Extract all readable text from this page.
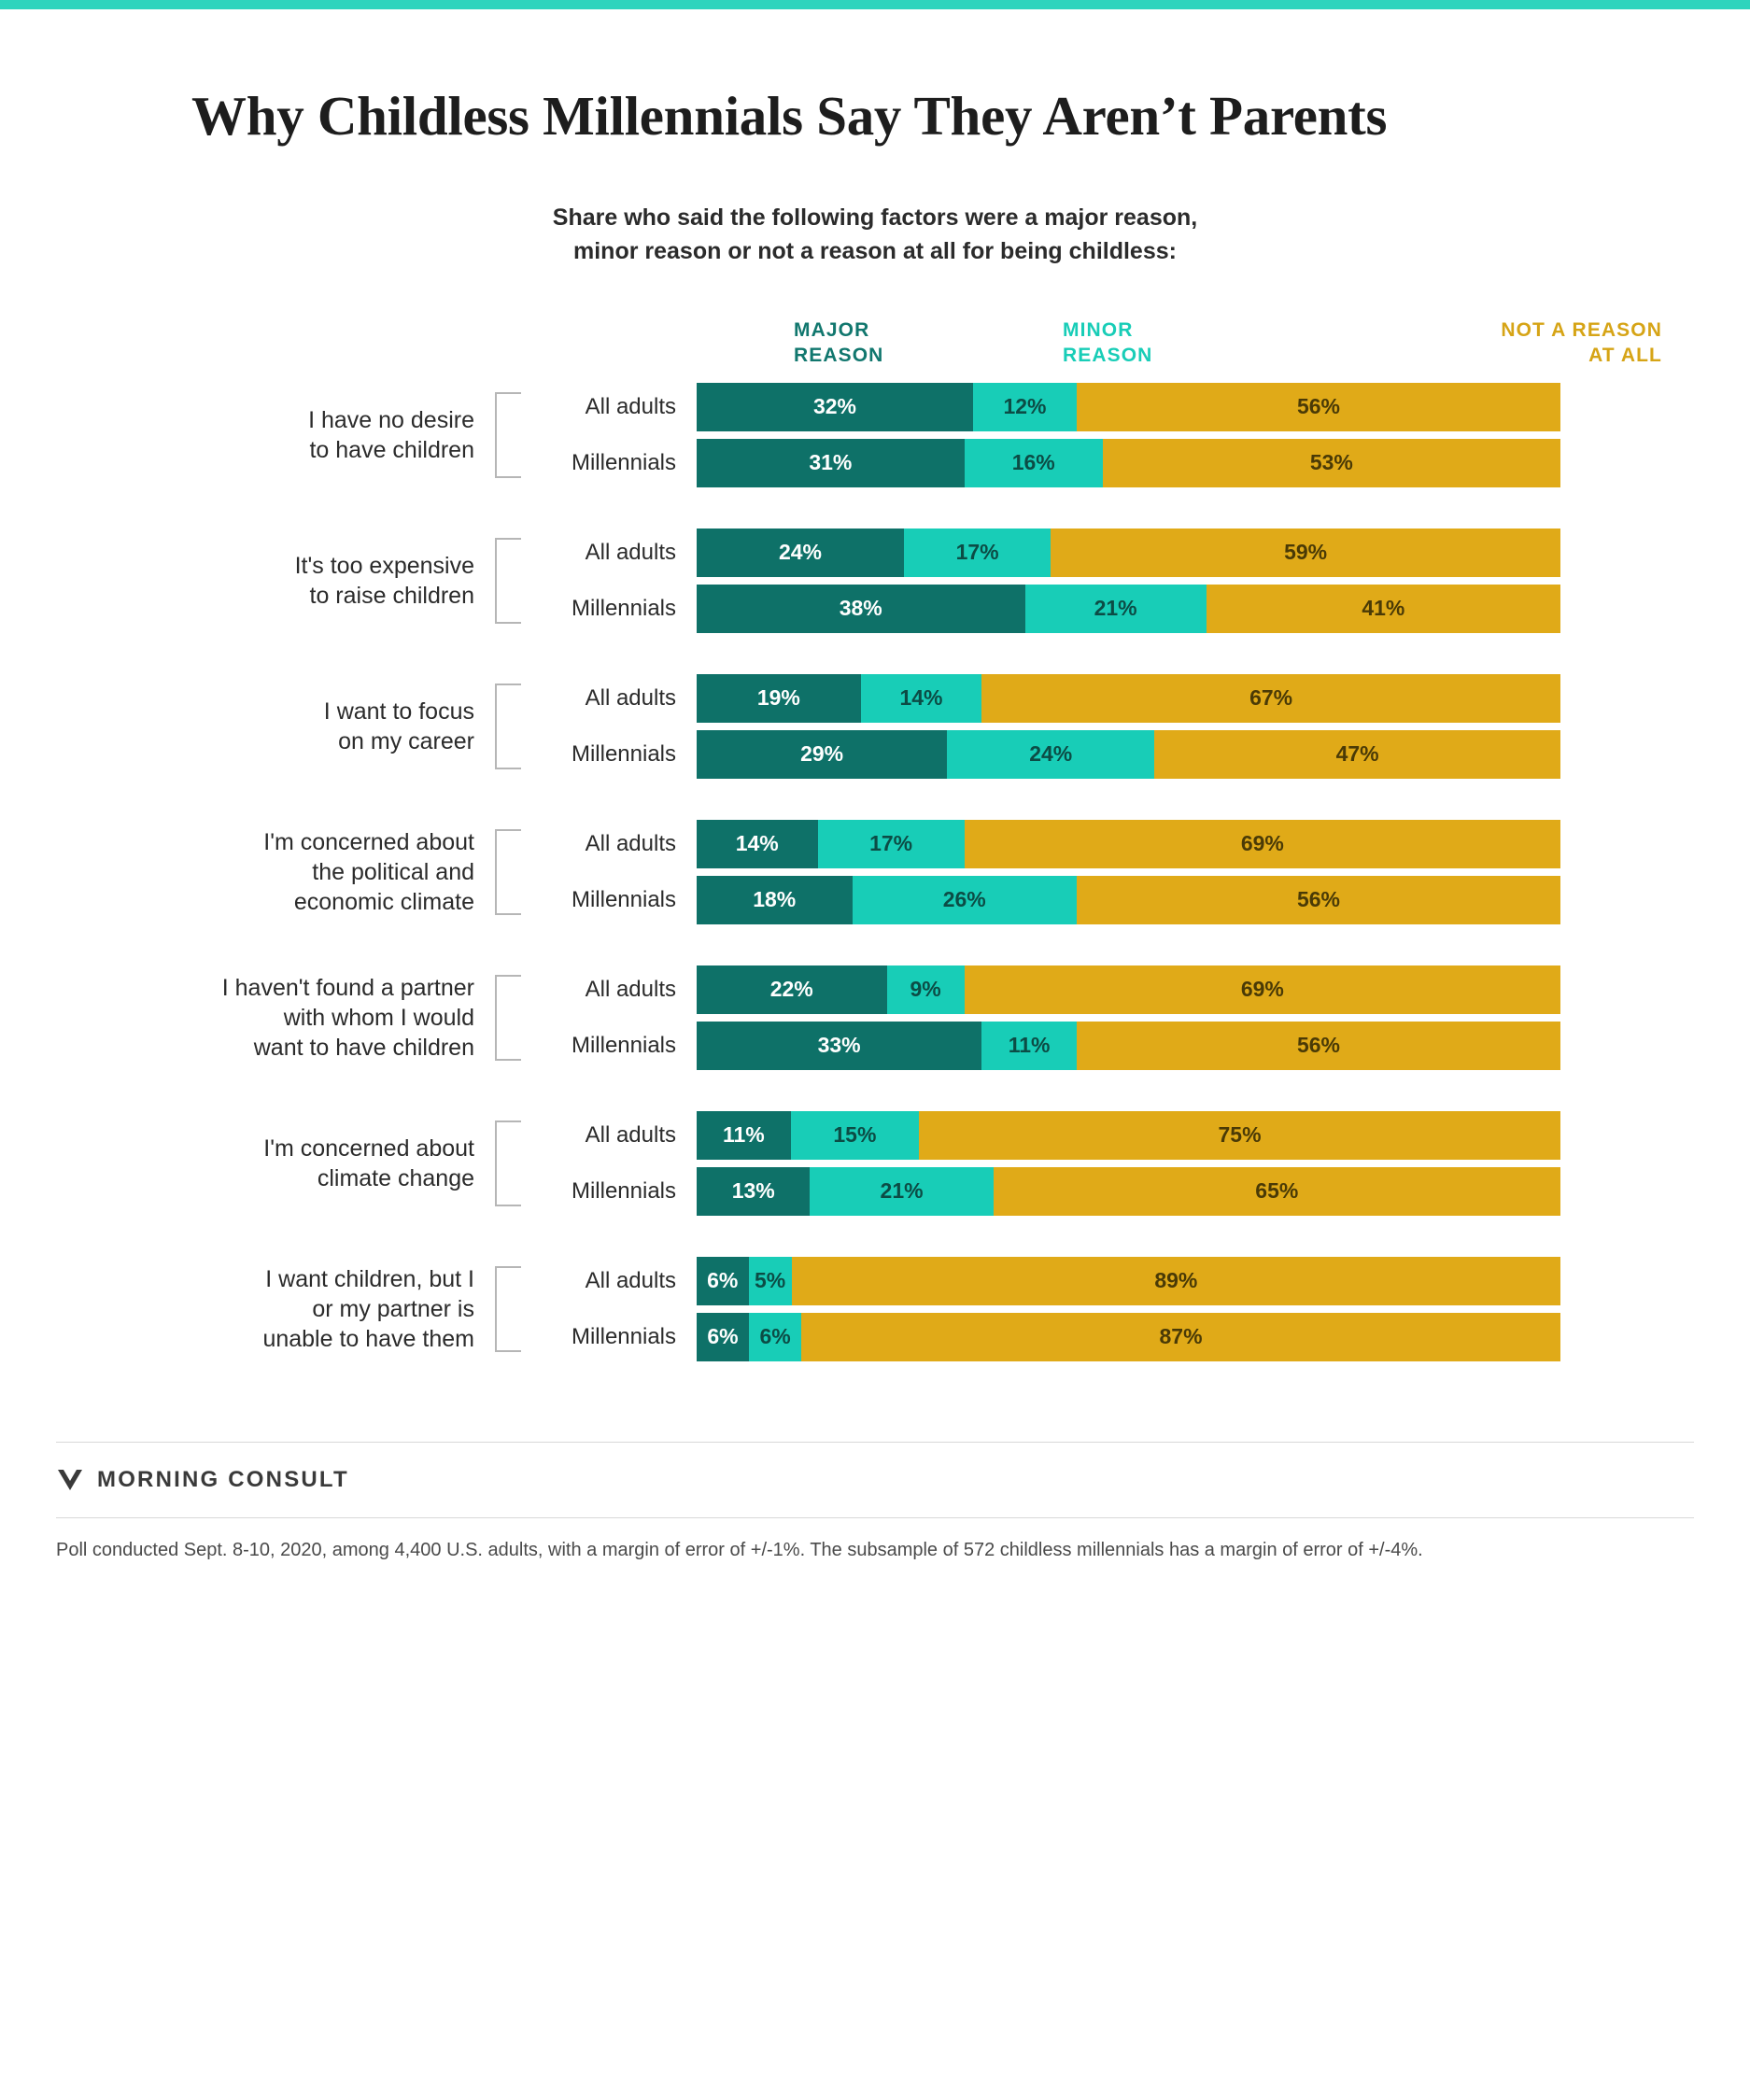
Why Childless Millennials Say They Aren’t Parents
Share who said the following factors were a major reason,
minor reason or not a reason at all for being childless:
MAJOR
REASON
MINOR
REASON
NOT A REASON
AT ALL
I have no desire
to have children
All adults	32%	12%	56%
Millennials	31%	16%	53%
It's too expensive
to raise children
All adults	24%	17%	59%
Millennials	38%	21%	41%
I want to focus
on my career
All adults	19%	14%	67%
Millennials	29%	24%	47%
I'm concerned about
the political and
economic climate
All adults	14%	17%	69%
Millennials	18%	26%	56%
I haven't found a partner
with whom I would
want to have children
All adults	22%	9%	69%
Millennials	33%	11%	56%
I'm concerned about
climate change
All adults	11%	15%	75%
Millennials	13%	21%	65%
I want children, but I
or my partner is
unable to have them
All adults	6% 5%	89%
Millennials	6% 6%	87%
MORNING CONSULT
Poll conducted Sept. 8-10, 2020, among 4,400 U.S. adults, with a margin of error of +/-1%. The subsample of 572 childless millennials has a margin of error of +/-4%.
